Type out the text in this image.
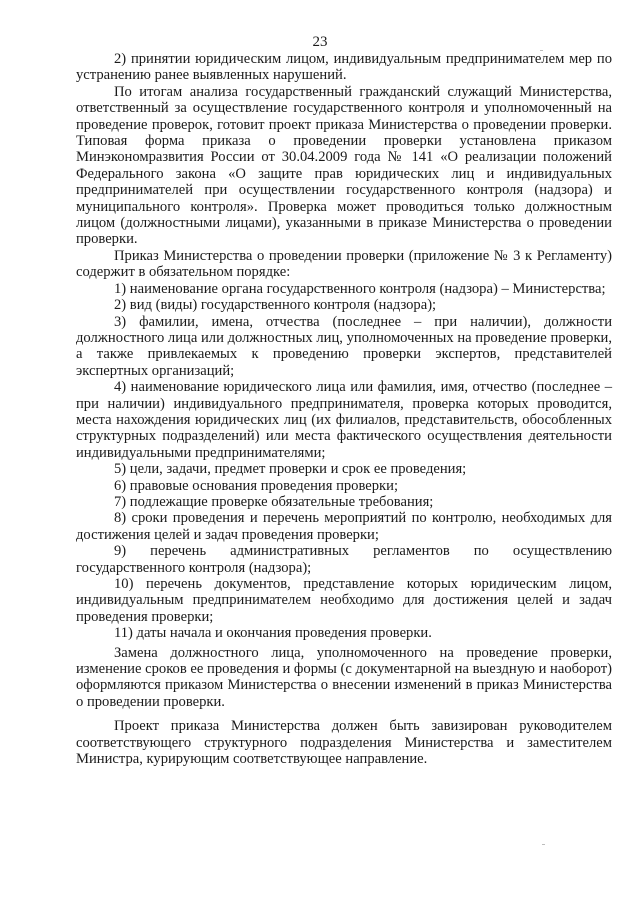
23

2) принятии юридическим лицом, индивидуальным предпринимателем мер по устранению ранее выявленных нарушений.

По итогам анализа государственный гражданский служащий Министерства, ответственный за осуществление государственного контроля и уполномоченный на проведение проверок, готовит проект приказа Министерства о проведении проверки. Типовая форма приказа о проведении проверки установлена приказом Минэкономразвития России от 30.04.2009 года № 141 «О реализации положений Федерального закона «О защите прав юридических лиц и индивидуальных предпринимателей при осуществлении государственного контроля (надзора) и муниципального контроля». Проверка может проводиться только должностным лицом (должностными лицами), указанными в приказе Министерства о проведении проверки.

Приказ Министерства о проведении проверки (приложение № 3 к Регламенту) содержит в обязательном порядке:

1) наименование органа государственного контроля (надзора) – Министерства;

2) вид (виды) государственного контроля (надзора);

3) фамилии, имена, отчества (последнее – при наличии), должности должностного лица или должностных лиц, уполномоченных на проведение проверки, а также привлекаемых к проведению проверки экспертов, представителей экспертных организаций;

4) наименование юридического лица или фамилия, имя, отчество (последнее – при наличии) индивидуального предпринимателя, проверка которых проводится, места нахождения юридических лиц (их филиалов, представительств, обособленных структурных подразделений) или места фактического осуществления деятельности индивидуальными предпринимателями;

5) цели, задачи, предмет проверки и срок ее проведения;

6) правовые основания проведения проверки;

7) подлежащие проверке обязательные требования;

8) сроки проведения и перечень мероприятий по контролю, необходимых для достижения целей и задач проведения проверки;

9) перечень административных регламентов по осуществлению государственного контроля (надзора);

10) перечень документов, представление которых юридическим лицом, индивидуальным предпринимателем необходимо для достижения целей и задач проведения проверки;

11) даты начала и окончания проведения проверки.

Замена должностного лица, уполномоченного на проведение проверки, изменение сроков ее проведения и формы (с документарной на выездную и наоборот) оформляются приказом Министерства о внесении изменений в приказ Министерства о проведении проверки.

Проект приказа Министерства должен быть завизирован руководителем соответствующего структурного подразделения Министерства и заместителем Министра, курирующим соответствующее направление.
